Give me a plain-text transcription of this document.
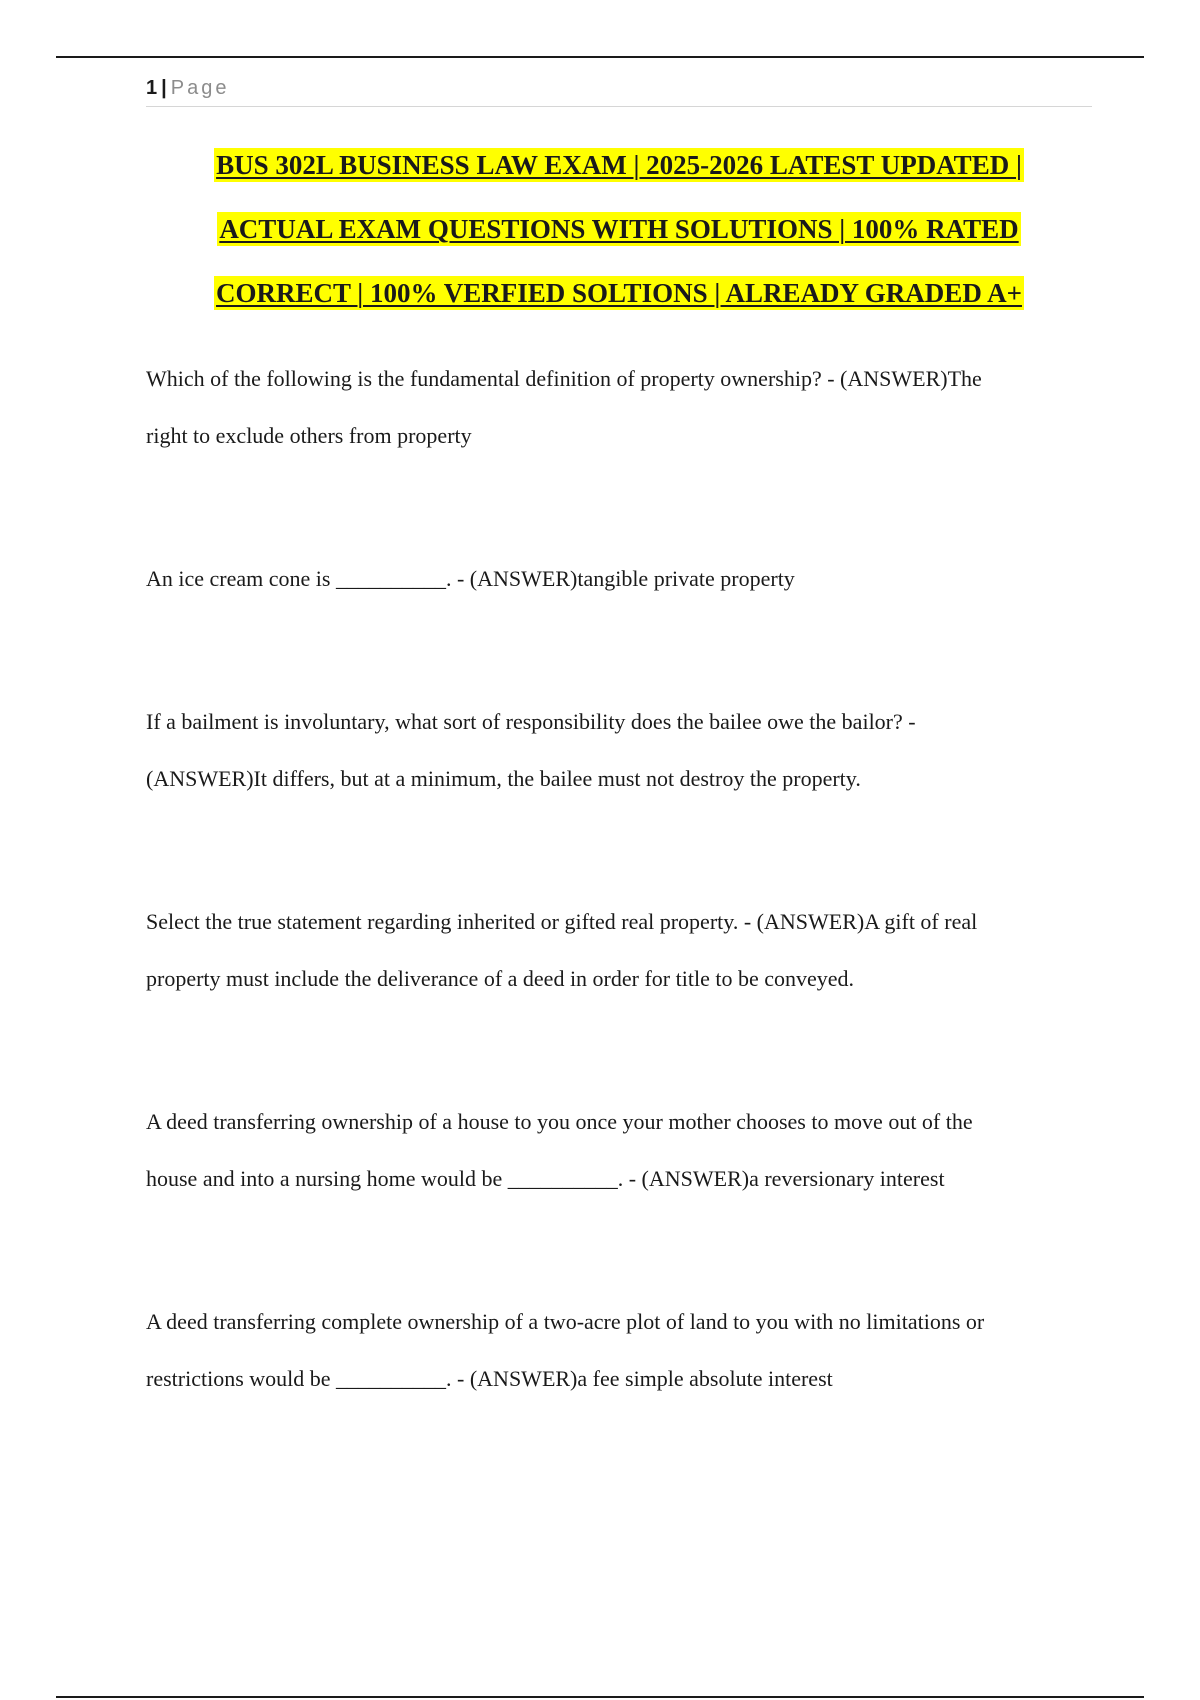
1 | Page
BUS 302L BUSINESS LAW EXAM | 2025-2026 LATEST UPDATED |
ACTUAL EXAM QUESTIONS WITH SOLUTIONS | 100% RATED
CORRECT | 100% VERFIED SOLTIONS | ALREADY GRADED A+
Which of the following is the fundamental definition of property ownership? - (ANSWER)The
right to exclude others from property
An ice cream cone is __________. - (ANSWER)tangible private property
If a bailment is involuntary, what sort of responsibility does the bailee owe the bailor? -
(ANSWER)It differs, but at a minimum, the bailee must not destroy the property.
Select the true statement regarding inherited or gifted real property. - (ANSWER)A gift of real
property must include the deliverance of a deed in order for title to be conveyed.
A deed transferring ownership of a house to you once your mother chooses to move out of the
house and into a nursing home would be __________. - (ANSWER)a reversionary interest
A deed transferring complete ownership of a two-acre plot of land to you with no limitations or
restrictions would be __________. - (ANSWER)a fee simple absolute interest
